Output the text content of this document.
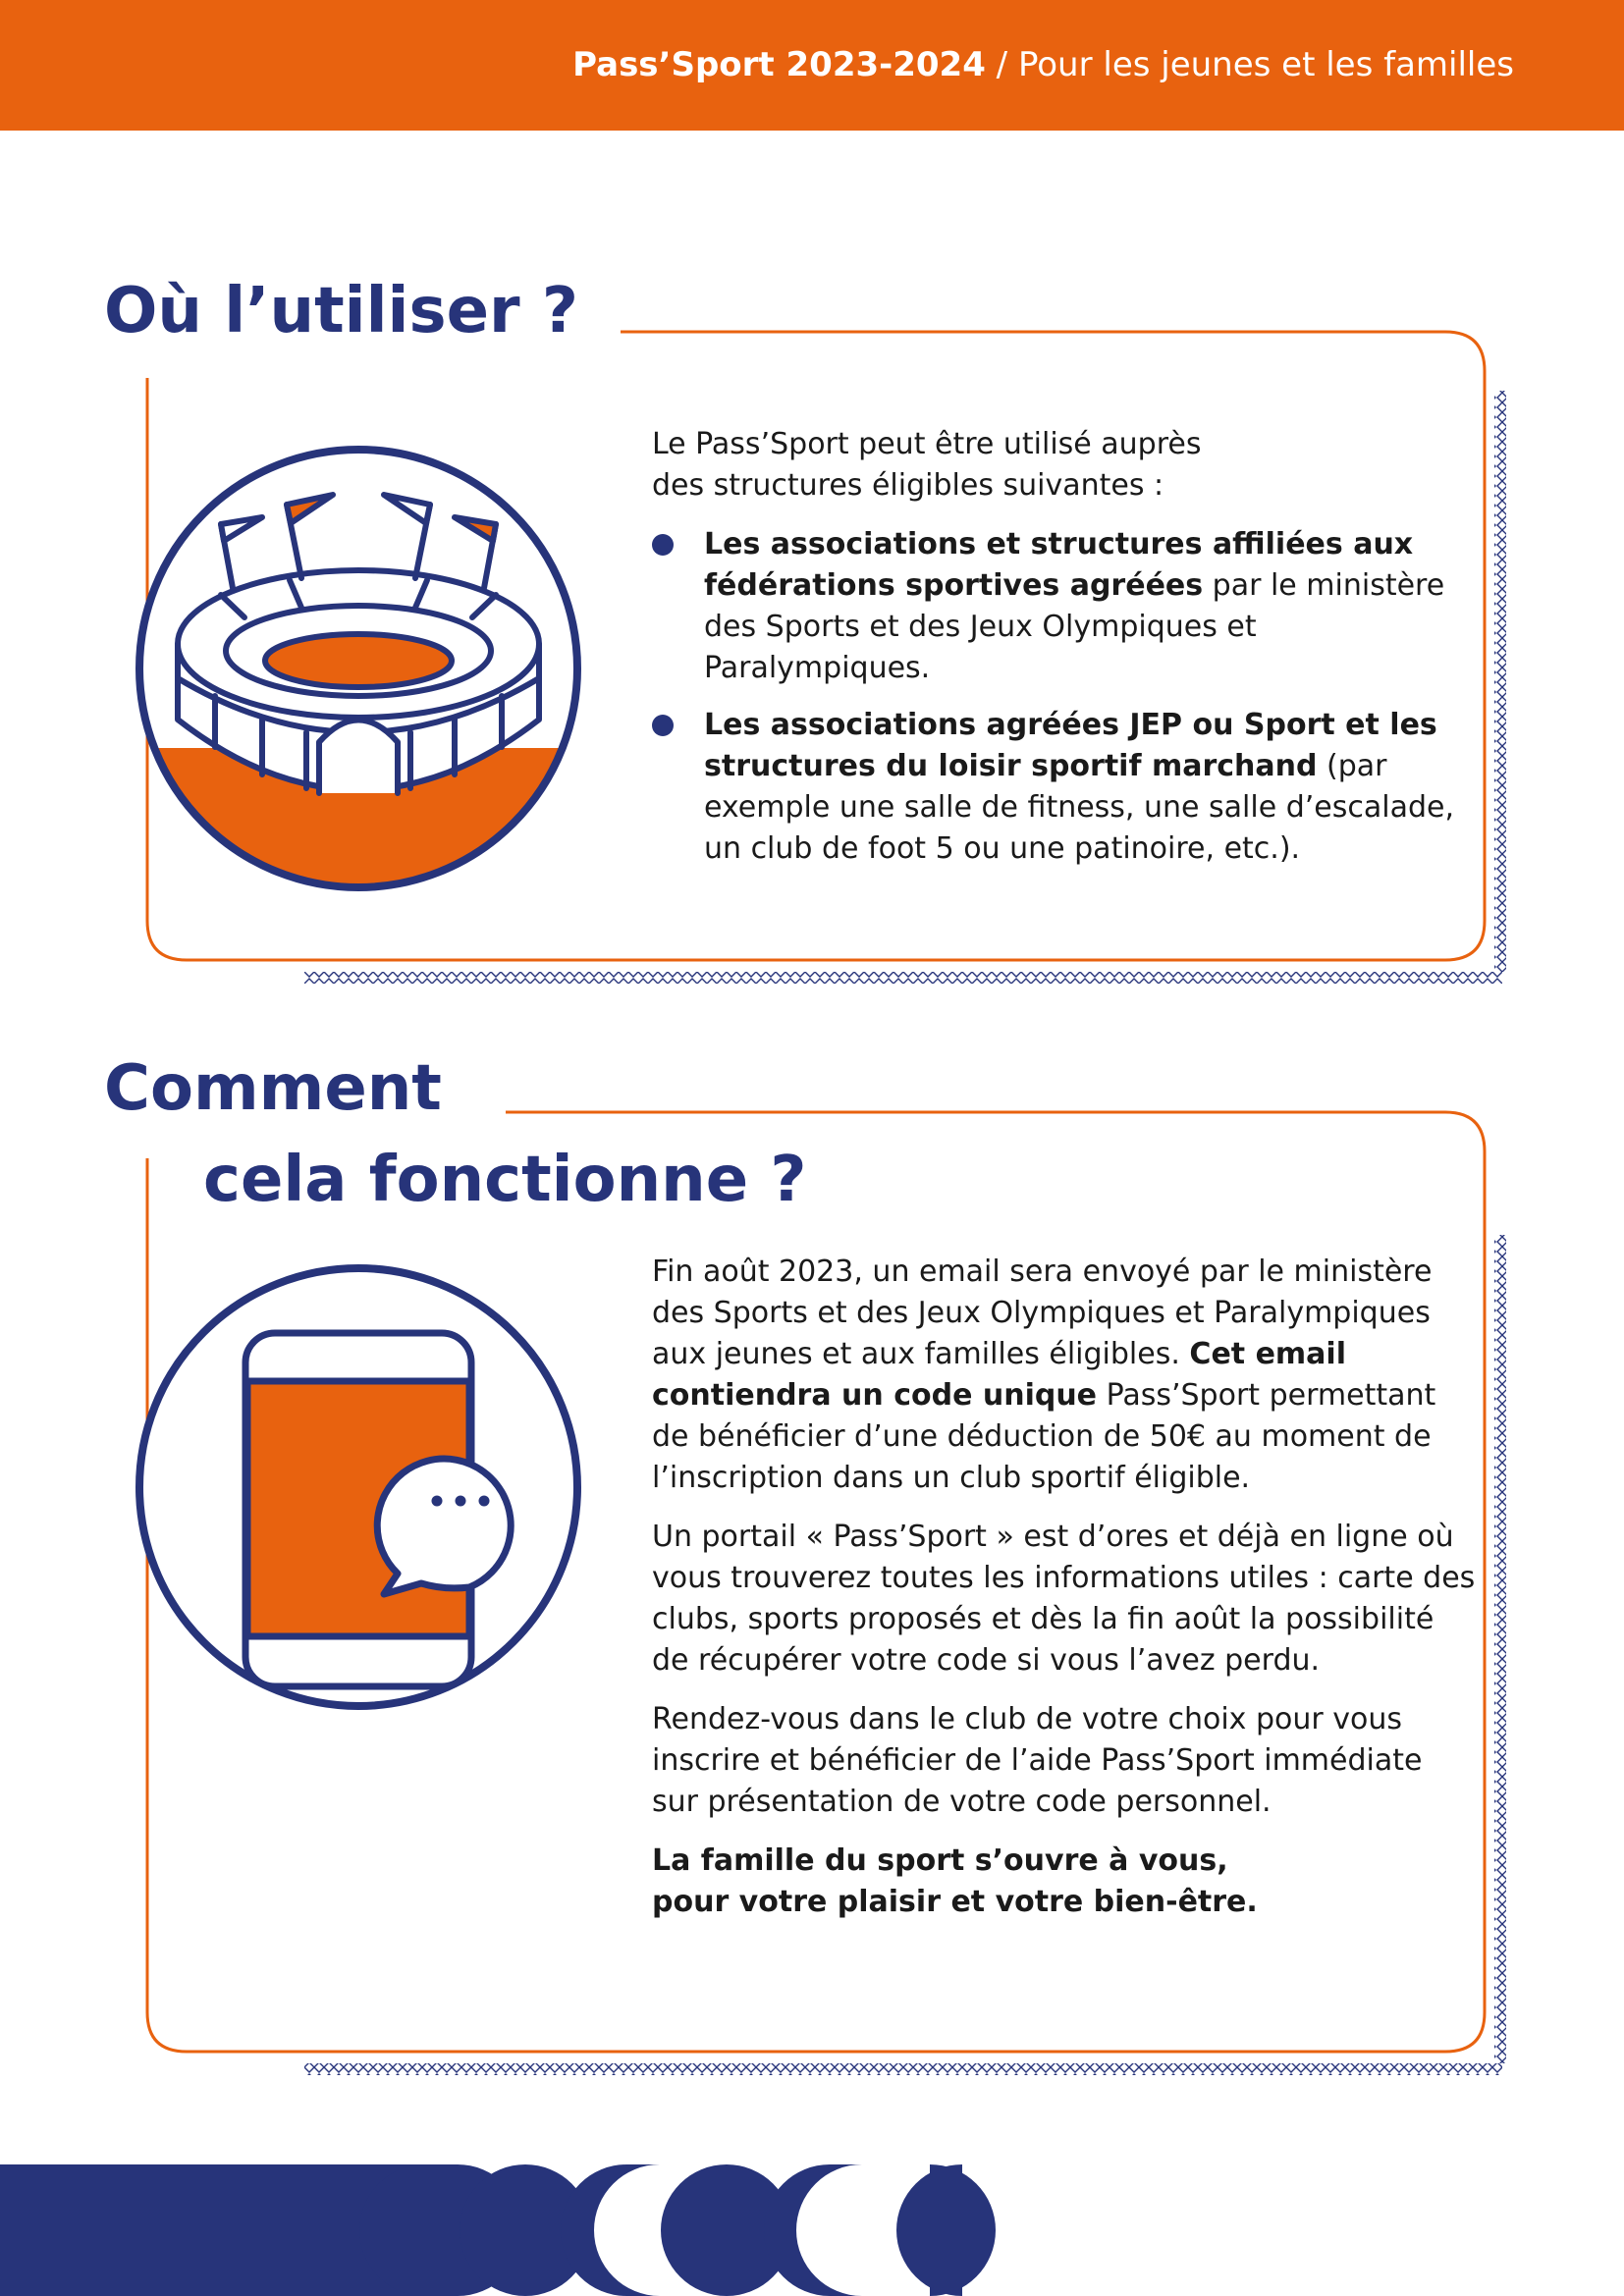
Pass’Sport 2023-2024 / Pour les jeunes et les familles
Où l’utiliser ?

Le Pass’Sport peut être utilisé auprès

des structures éligibles suivantes :

Les associations et structures affiliées aux fédérations sportives agréées par le ministère des Sports et des Jeux Olympiques et Paralympiques.
Les associations agréées JEP ou Sport et les structures du loisir sportif marchand (par exemple une salle de fitness, une salle d’escalade, un club de foot 5 ou une patinoire, etc.).
Comment
cela fonctionne ?

Fin août 2023, un email sera envoyé par le ministère des Sports et des Jeux Olympiques et Paralympiques aux jeunes et aux familles éligibles. Cet email contiendra un code unique Pass’Sport permettant de bénéficier d’une déduction de 50€ au moment de l’inscription dans un club sportif éligible.

Un portail « Pass’Sport » est d’ores et déjà en ligne où vous trouverez toutes les informations utiles : carte des clubs, sports proposés et dès la fin août la possibilité de récupérer votre code si vous l’avez perdu.

Rendez-vous dans le club de votre choix pour vous inscrire et bénéficier de l’aide Pass’Sport immédiate sur présentation de votre code personnel.

La famille du sport s’ouvre à vous,
pour votre plaisir et votre bien-être.
